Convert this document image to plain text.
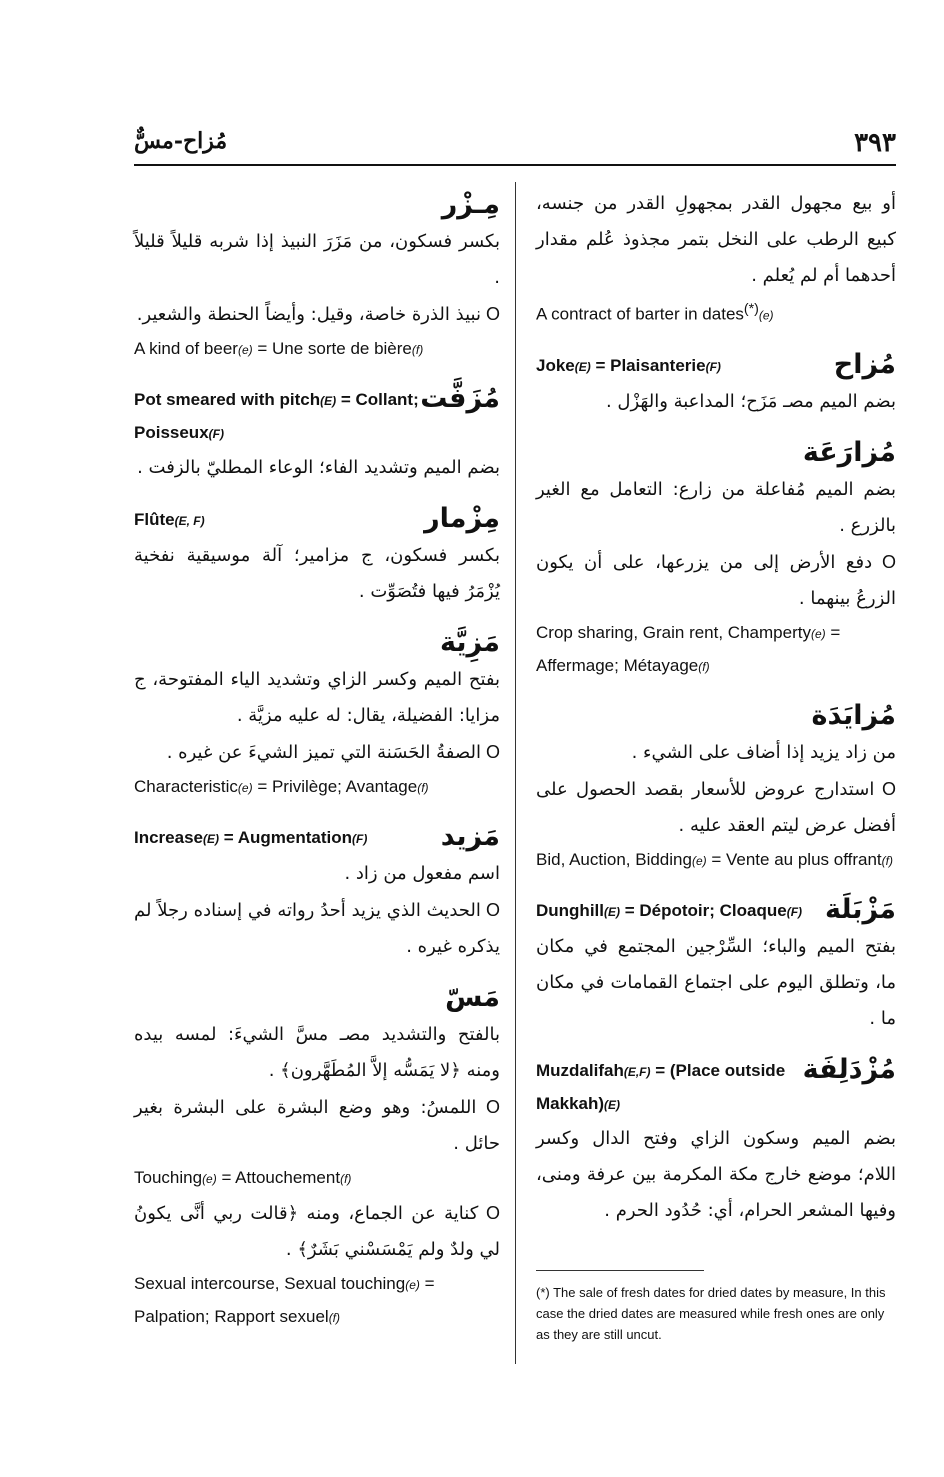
٣٩٣
مُزاح-مسٌّ

أو بيع مجهول القدر بمجهولِ القدر من جنسه، كبيع الرطب على النخل بتمر مجذوذ عُلم مقدار أحدهما أم لم يُعلم .

A contract of barter in dates(*)(e)
مُزاح
Joke(E) = Plaisanterie(F)

بضم الميم مصـ مَزَح؛ المداعبة والهَزْل .

مُزارَعَة

بضم الميم مُفاعلة من زارع: التعامل مع الغير بالزرع .

O دفع الأرض إلى من يزرعها، على أن يكون الزرعُ بينهما .

Crop sharing, Grain rent, Champerty(e) = Affermage; Métayage(f)
مُزايَدَة

من زاد يزيد إذا أضاف على الشيء .

O استدارج عروض للأسعار بقصد الحصول على أفضل عرض ليتم العقد عليه .

Bid, Auction, Bidding(e) = Vente au plus offrant(f)
مَزْبَلَة
Dunghill(E) = Dépotoir; Cloaque(F)

بفتح الميم والباء؛ السِّرْجين المجتمع في مكان ما، وتطلق اليوم على اجتماع القمامات في مكان ما .

مُزْدَلِفَة
Muzdalifah(E,F) = (Place outside Makkah)(E)

بضم الميم وسكون الزاي وفتح الدال وكسر اللام؛ موضع خارج مكة المكرمة بين عرفة ومنى، وفيها المشعر الحرام، أي: حُدُود الحرم .

مِـزْر

بكسر فسكون، من مَزَرَ النبيذ إذا شربه قليلاً قليلاً .

O نبيذ الذرة خاصة، وقيل: وأيضاً الحنطة والشعير.

A kind of beer(e) = Une sorte de bière(f)
مُزَفَّت
Pot smeared with pitch(E) = Collant; Poisseux(F)

بضم الميم وتشديد الفاء؛ الوعاء المطليّ بالزفت .

مِزْمار
Flûte(E, F)

بكسر فسكون، ج مزامير؛ آلة موسيقية نفخية يُزْمَرُ فيها فتُصَوِّت .

مَزِيَّة

بفتح الميم وكسر الزاي وتشديد الياء المفتوحة، ج مزايا: الفضيلة، يقال: له عليه مزيَّة .

O الصفةُ الحَسَنة التي تميز الشيءَ عن غيره .

Characteristic(e) = Privilège; Avantage(f)
مَزيد
Increase(E) = Augmentation(F)

اسم مفعول من زاد .

O الحديث الذي يزيد أحدُ رواته في إسناده رجلاً لم يذكره غيره .

مَسّ

بالفتح والتشديد مصـ مسَّ الشيءَ: لمسه بيده ومنه ﴿لا يَمَسُّه إلاَّ المُطَهَّرون﴾ .

O اللمسُ: وهو وضع البشرة على البشرة بغير حائل .

Touching(e) = Attouchement(f)

O كناية عن الجماع، ومنه ﴿قالت ربي أنَّى يكونُ لي ولدٌ ولم يَمْسَسْني بَشَرٌ﴾ .

Sexual intercourse, Sexual touching(e) = Palpation; Rapport sexuel(f)
(*) The sale of fresh dates for dried dates by measure, In this case the dried dates are measured while fresh ones are only as they are still uncut.
